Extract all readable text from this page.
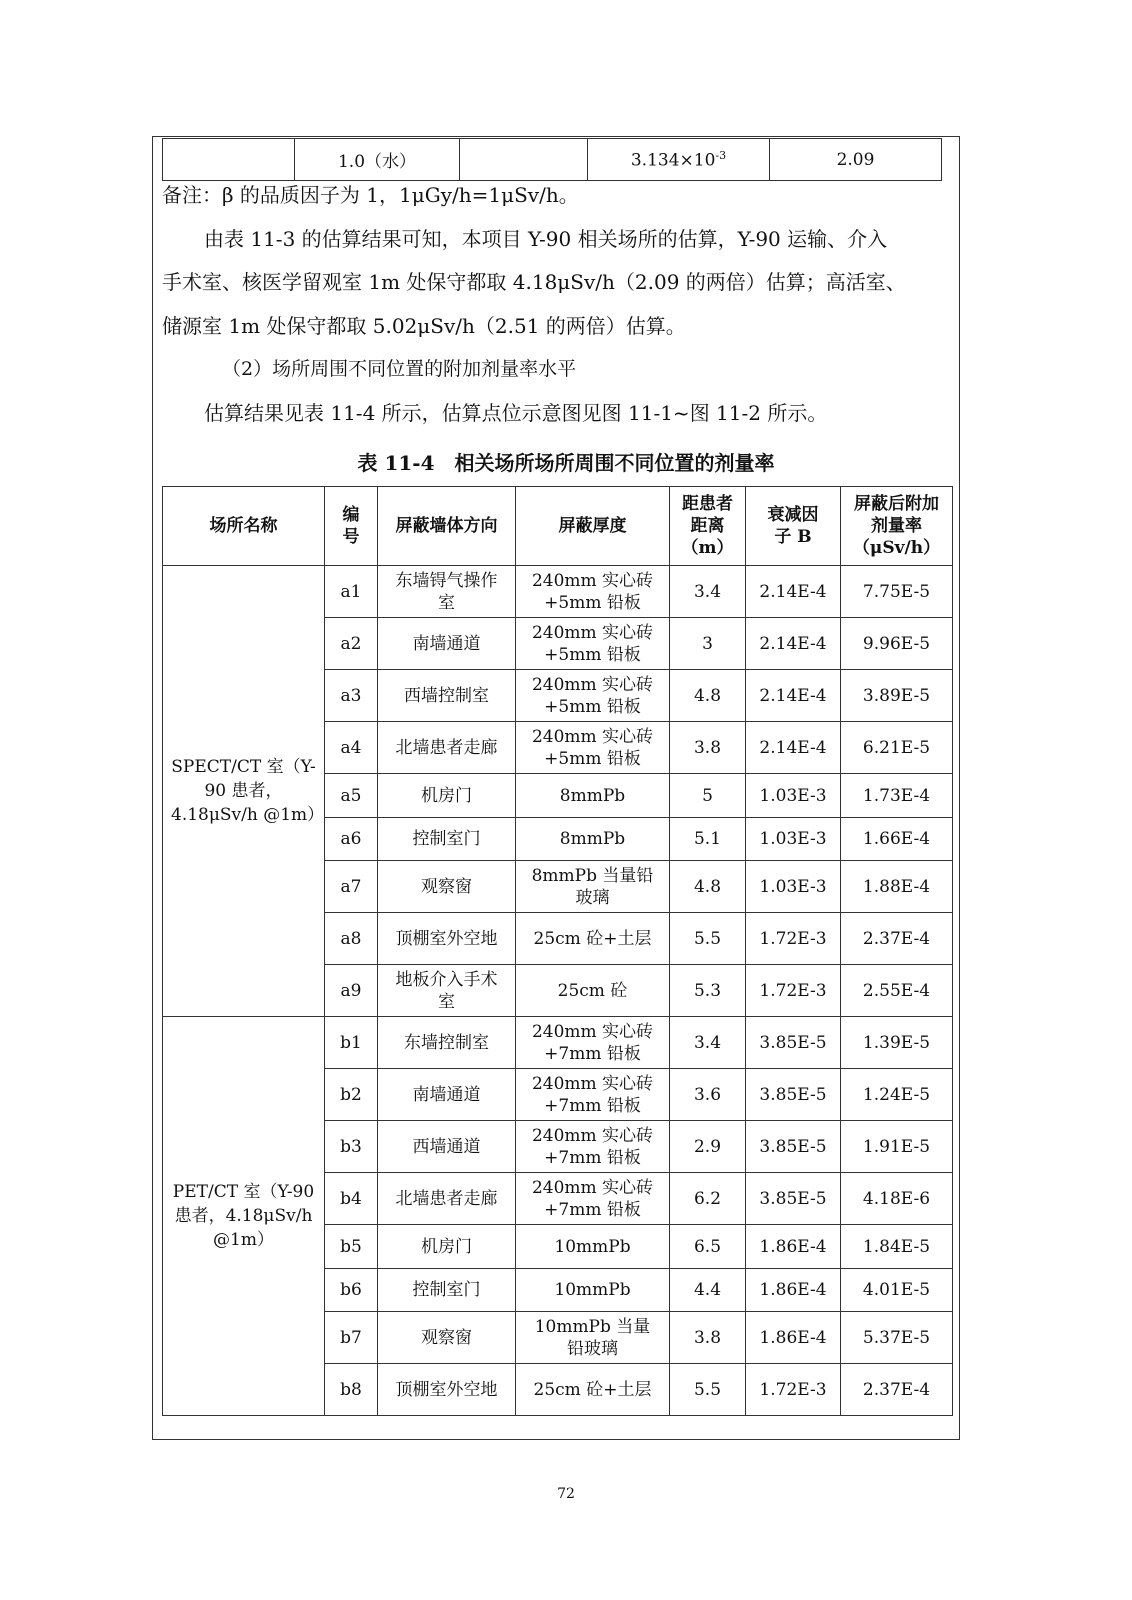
	1.0（水）		$3.134\times 10^{-3}$	2.09
备注：β 的品质因子为 1，1μGy/h=1μSv/h。
由表 11-3 的估算结果可知，本项目 Y-90 相关场所的估算，Y-90 运输、介入
手术室、核医学留观室 1m 处保守都取 4.18μSv/h（2.09 的两倍）估算；高活室、
储源室 1m 处保守都取 5.02μSv/h（2.51 的两倍）估算。
（2）场所周围不同位置的附加剂量率水平
估算结果见表 11-4 所示，估算点位示意图见图 11-1~图 11-2 所示。
表 11-4　相关场所场所周围不同位置的剂量率
场所名称	编号	屏蔽墙体方向	屏蔽厚度	距患者距离（m）	衰减因子 B	屏蔽后附加剂量率（μSv/h）
SPECT/CT 室（Y-90 患者，4.18μSv/h @1m）	a1	东墙锝气操作室	240mm 实心砖+5mm 铅板	3.4	2.14E-4	7.75E-5
	a2	南墙通道	240mm 实心砖+5mm 铅板	3	2.14E-4	9.96E-5
	a3	西墙控制室	240mm 实心砖+5mm 铅板	4.8	2.14E-4	3.89E-5
	a4	北墙患者走廊	240mm 实心砖+5mm 铅板	3.8	2.14E-4	6.21E-5
	a5	机房门	8mmPb	5	1.03E-3	1.73E-4
	a6	控制室门	8mmPb	5.1	1.03E-3	1.66E-4
	a7	观察窗	8mmPb 当量铅玻璃	4.8	1.03E-3	1.88E-4
	a8	顶棚室外空地	25cm 砼+土层	5.5	1.72E-3	2.37E-4
	a9	地板介入手术室	25cm 砼	5.3	1.72E-3	2.55E-4
PET/CT 室（Y-90 患者，4.18μSv/h @1m）	b1	东墙控制室	240mm 实心砖+7mm 铅板	3.4	3.85E-5	1.39E-5
	b2	南墙通道	240mm 实心砖+7mm 铅板	3.6	3.85E-5	1.24E-5
	b3	西墙通道	240mm 实心砖+7mm 铅板	2.9	3.85E-5	1.91E-5
	b4	北墙患者走廊	240mm 实心砖+7mm 铅板	6.2	3.85E-5	4.18E-6
	b5	机房门	10mmPb	6.5	1.86E-4	1.84E-5
	b6	控制室门	10mmPb	4.4	1.86E-4	4.01E-5
	b7	观察窗	10mmPb 当量铅玻璃	3.8	1.86E-4	5.37E-5
	b8	顶棚室外空地	25cm 砼+土层	5.5	1.72E-3	2.37E-4
72
